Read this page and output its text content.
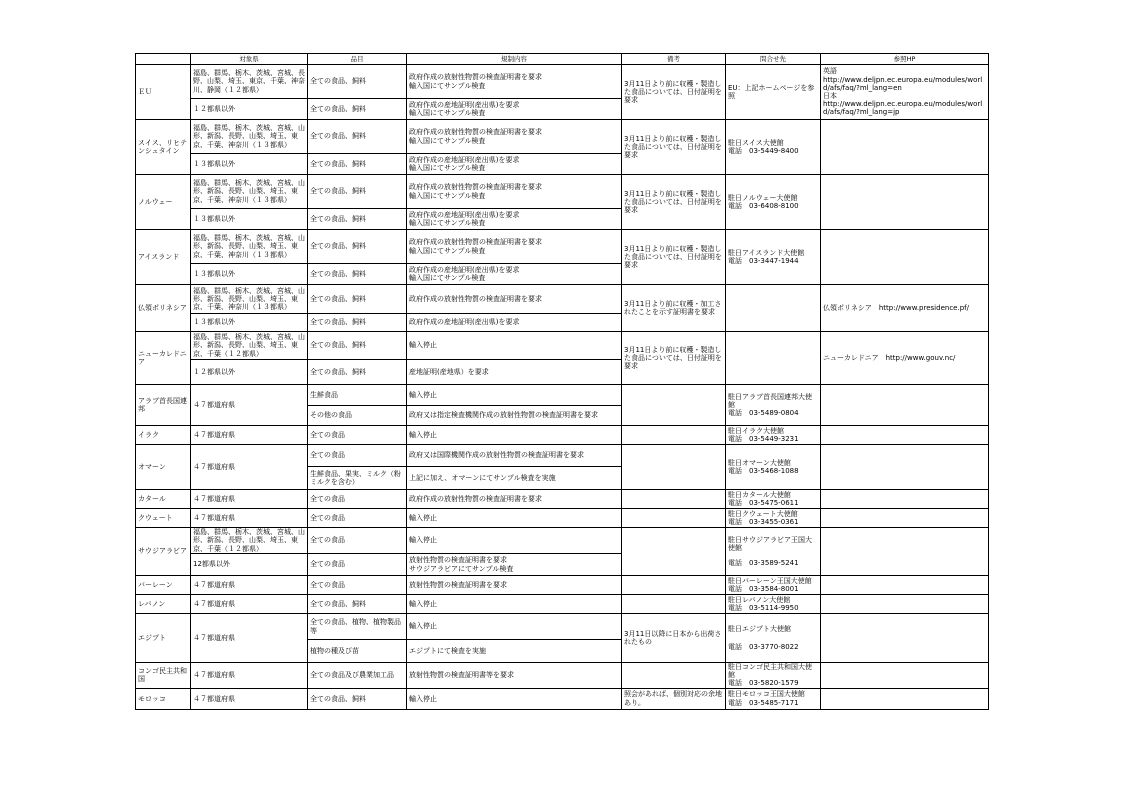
	対象県	品目	規制内容	備考	問合せ先	参照HP
ＥＵ	福島、群馬、栃木、茨城、宮城、長野、山梨、埼玉、東京、千葉、神奈川、静岡（１２都県）	全ての食品、飼料	政府作成の放射性物質の検査証明書を要求
輸入国にてサンプル検査	3月11日より前に収穫・製造した食品については、日付証明を要求	EU：上記ホームページを参照	英語
http://www.deljpn.ec.europa.eu/modules/world/afs/faq/?ml_lang=en
日本
http://www.deljpn.ec.europa.eu/modules/world/afs/faq/?ml_lang=jp

	１２都県以外	全ての食品、飼料	政府作成の産地証明(産出県)を要求
輸入国にてサンプル検査			

スイス、リヒテンシュタイン	福島、群馬、栃木、茨城、宮城、山形、新潟、長野、山梨、埼玉、東京、千葉、神奈川（１３都県）	全ての食品、飼料	政府作成の放射性物質の検査証明書を要求
輸入国にてサンプル検査	3月11日より前に収穫・製造した食品については、日付証明を要求	駐日スイス大使館
電話　03-5449-8400	

	１３都県以外	全ての食品、飼料	政府作成の産地証明(産出県)を要求
輸入国にてサンプル検査			

ノルウェー	福島、群馬、栃木、茨城、宮城、山形、新潟、長野、山梨、埼玉、東京、千葉、神奈川（１３都県）	全ての食品、飼料	政府作成の放射性物質の検査証明書を要求
輸入国にてサンプル検査	3月11日より前に収穫・製造した食品については、日付証明を要求	駐日ノルウェー大使館
電話　03-6408-8100	

	１３都県以外	全ての食品、飼料	政府作成の産地証明(産出県)を要求
輸入国にてサンプル検査			

アイスランド	福島、群馬、栃木、茨城、宮城、山形、新潟、長野、山梨、埼玉、東京、千葉、神奈川（１３都県）	全ての食品、飼料	政府作成の放射性物質の検査証明書を要求
輸入国にてサンプル検査	3月11日より前に収穫・製造した食品については、日付証明を要求	駐日アイスランド大使館
電話　03-3447-1944	

	１３都県以外	全ての食品、飼料	政府作成の産地証明(産出県)を要求
輸入国にてサンプル検査			

仏領ポリネシア	福島、群馬、栃木、茨城、宮城、山形、新潟、長野、山梨、埼玉、東京、千葉、神奈川（１３都県）	全ての食品、飼料	政府作成の放射性物質の検査証明書を要求	3月11日より前に収穫・加工されたことを示す証明書を要求		仏領ポリネシア　http://www.presidence.pf/
	１３都県以外	全ての食品、飼料	政府作成の産地証明(産出県)を要求			
ニューカレドニア	福島、群馬、栃木、茨城、宮城、山形、新潟、長野、山梨、埼玉、東京、千葉（１２都県）	全ての食品、飼料	輸入停止	3月11日より前に収穫・製造した食品については、日付証明を要求		ニューカレドニア　http://www.gouv.nc/
	１２都県以外	全ての食品、飼料	産地証明(産地県）を要求			
アラブ首長国連邦	４７都道府県	生鮮食品	輸入停止		駐日アラブ首長国連邦大使館
電話　03-5489-0804	

		その他の食品	政府又は指定検査機関作成の放射性物質の検査証明書を要求			
イラク	４７都道府県	全ての食品	輸入停止		駐日イラク大使館
電話　03-5449-3231	

オマーン	４７都道府県	全ての食品	政府又は国際機関作成の放射性物質の検査証明書を要求		駐日オマーン大使館
電話　03-5468-1088	

		生鮮食品、果実、ミルク（粉ミルクを含む）	上記に加え、オマーンにてサンプル検査を実施			
カタール	４７都道府県	全ての食品	政府作成の放射性物質の検査証明書を要求		駐日カタール大使館
電話　03-5475-0611	

クウェート	４７都道府県	全ての食品	輸入停止		駐日クウェート大使館
電話　03-3455-0361	

サウジアラビア	福島、群馬、栃木、茨城、宮城、山形、新潟、長野、山梨、埼玉、東京、千葉（１２都県）	全ての食品	輸入停止		駐日サウジアラビア王国大使館
電話　03-3589-5241	

	12都県以外	全ての食品	放射性物質の検査証明書を要求
サウジアラビアにてサンプル検査			

バーレーン	４７都道府県	全ての食品	放射性物質の検査証明書を要求		駐日バーレーン王国大使館
電話　03-3584-8001	

レバノン	４７都道府県	全ての食品、飼料	輸入停止		駐日レバノン大使館
電話　03-5114-9950	

エジプト	４７都道府県	全ての食品、植物、植物製品等	輸入停止	3月11日以降に日本から出荷されたもの	駐日エジプト大使館
電話　03-3770-8022	

		植物の種及び苗	エジプトにて検査を実施			
コンゴ民主共和国	４７都道府県	全ての食品及び農業加工品	放射性物質の検査証明書等を要求		駐日コンゴ民主共和国大使館
電話　03-5820-1579	

モロッコ	４７都道府県	全ての食品、飼料	輸入停止	照会があれば、個別対応の余地あり。	駐日モロッコ王国大使館
電話　03-5485-7171	
